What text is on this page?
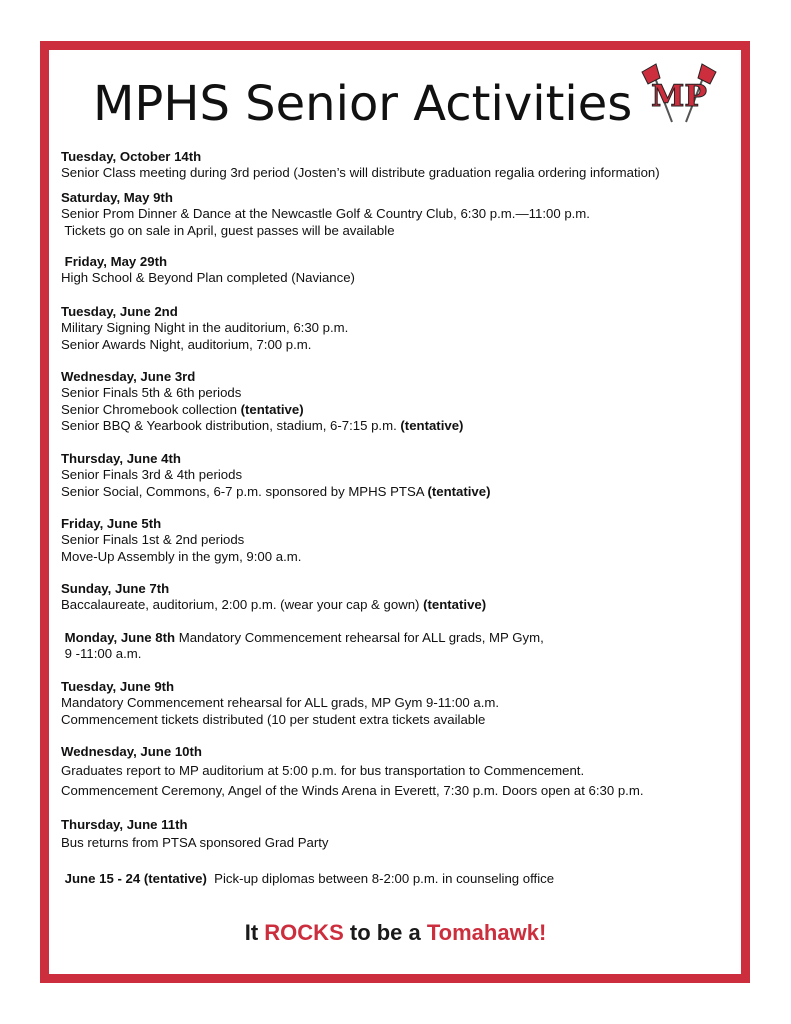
MPHS Senior Activities MP
Tuesday, October 14th
Senior Class meeting during 3rd period (Josten’s will distribute graduation regalia ordering information)
Saturday, May 9th
Senior Prom Dinner & Dance at the Newcastle Golf & Country Club, 6:30 p.m.—11:00 p.m.
Tickets go on sale in April, guest passes will be available
Friday, May 29th
High School & Beyond Plan completed (Naviance)
Tuesday, June 2nd
Military Signing Night in the auditorium, 6:30 p.m.
Senior Awards Night, auditorium, 7:00 p.m.
Wednesday, June 3rd
Senior Finals 5th & 6th periods
Senior Chromebook collection (tentative)
Senior BBQ & Yearbook distribution, stadium, 6-7:15 p.m. (tentative)
Thursday, June 4th
Senior Finals 3rd & 4th periods
Senior Social, Commons, 6-7 p.m. sponsored by MPHS PTSA (tentative)
Friday, June 5th
Senior Finals 1st & 2nd periods
Move-Up Assembly in the gym, 9:00 a.m.
Sunday, June 7th
Baccalaureate, auditorium, 2:00 p.m. (wear your cap & gown) (tentative)
Monday, June 8th Mandatory Commencement rehearsal for ALL grads, MP Gym,
9 -11:00 a.m.
Tuesday, June 9th
Mandatory Commencement rehearsal for ALL grads, MP Gym 9-11:00 a.m.
Commencement tickets distributed (10 per student extra tickets available
Wednesday, June 10th
Graduates report to MP auditorium at 5:00 p.m. for bus transportation to Commencement.
Commencement Ceremony, Angel of the Winds Arena in Everett, 7:30 p.m. Doors open at 6:30 p.m.
Thursday, June 11th
Bus returns from PTSA sponsored Grad Party
June 15 - 24 (tentative)  Pick-up diplomas between 8-2:00 p.m. in counseling office
It ROCKS to be a Tomahawk!
